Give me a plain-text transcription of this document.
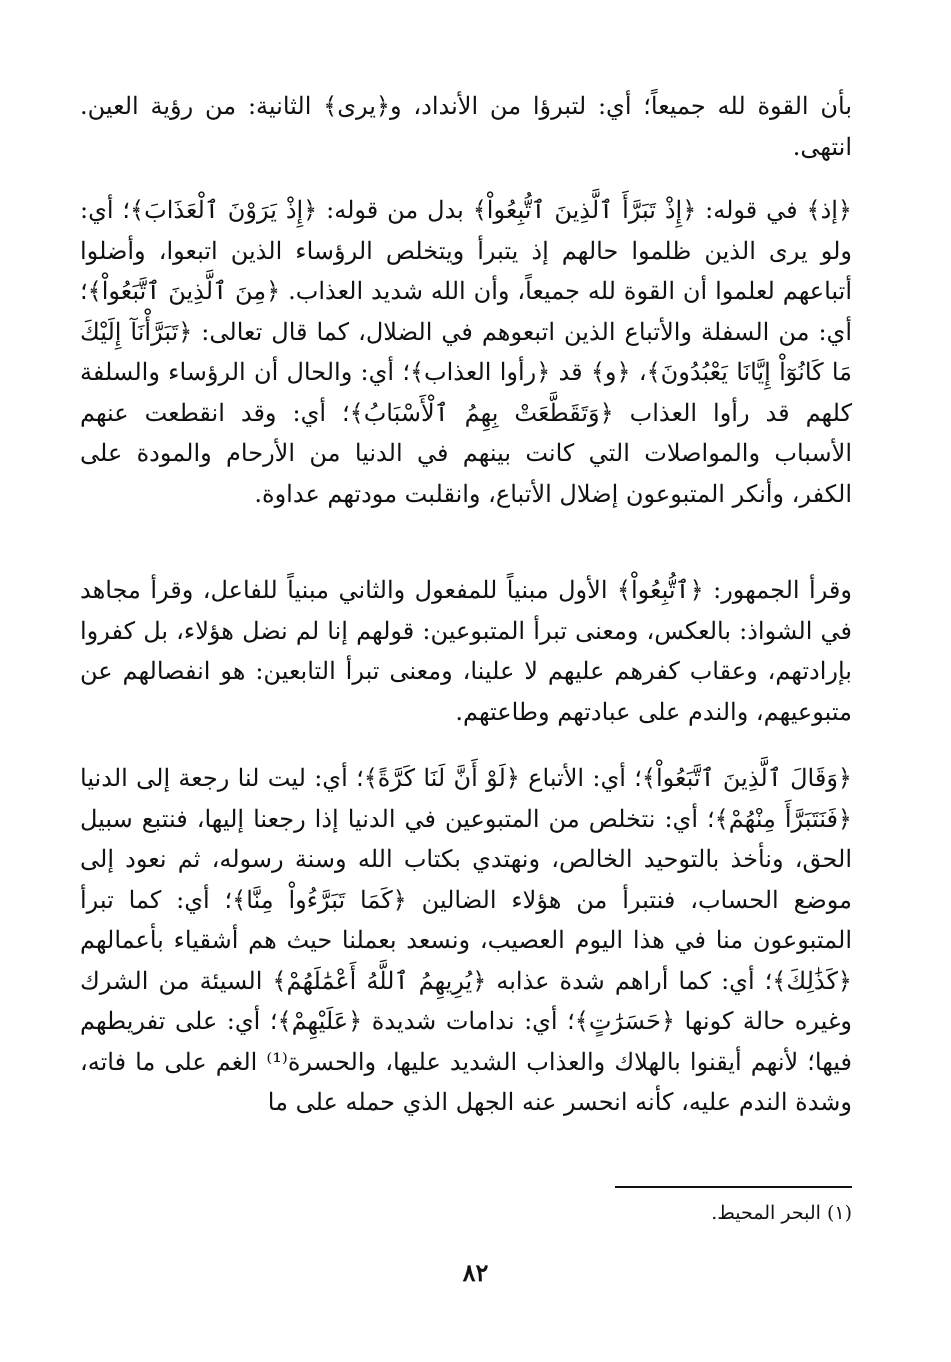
بأن القوة لله جميعاً؛ أي: لتبرؤا من الأنداد، و﴿يرى﴾ الثانية: من رؤية العين. انتهى.

﴿إذ﴾ في قوله: ﴿إِذْ تَبَرَّأَ ٱلَّذِينَ ٱتُّبِعُواْ﴾ بدل من قوله: ﴿إِذْ يَرَوْنَ ٱلْعَذَابَ﴾؛ أي: ولو يرى الذين ظلموا حالهم إذ يتبرأ ويتخلص الرؤساء الذين اتبعوا، وأضلوا أتباعهم لعلموا أن القوة لله جميعاً، وأن الله شديد العذاب. ﴿مِنَ ٱلَّذِينَ ٱتَّبَعُواْ﴾؛ أي: من السفلة والأتباع الذين اتبعوهم في الضلال، كما قال تعالى: ﴿تَبَرَّأْنَآ إِلَيْكَ مَا كَانُوٓاْ إِيَّانَا يَعْبُدُونَ﴾، ﴿و﴾ قد ﴿رأوا العذاب﴾؛ أي: والحال أن الرؤساء والسلفة كلهم قد رأوا العذاب ﴿وَتَقَطَّعَتْ بِهِمُ ٱلْأَسْبَابُ﴾؛ أي: وقد انقطعت عنهم الأسباب والمواصلات التي كانت بينهم في الدنيا من الأرحام والمودة على الكفر، وأنكر المتبوعون إضلال الأتباع، وانقلبت مودتهم عداوة.

وقرأ الجمهور: ﴿ٱتُّبِعُواْ﴾ الأول مبنياً للمفعول والثاني مبنياً للفاعل، وقرأ مجاهد في الشواذ: بالعكس، ومعنى تبرأ المتبوعين: قولهم إنا لم نضل هؤلاء، بل كفروا بإرادتهم، وعقاب كفرهم عليهم لا علينا، ومعنى تبرأ التابعين: هو انفصالهم عن متبوعيهم، والندم على عبادتهم وطاعتهم.

﴿وَقَالَ ٱلَّذِينَ ٱتَّبَعُواْ﴾؛ أي: الأتباع ﴿لَوْ أَنَّ لَنَا كَرَّةً﴾؛ أي: ليت لنا رجعة إلى الدنيا ﴿فَنَتَبَرَّأَ مِنْهُمْ﴾؛ أي: نتخلص من المتبوعين في الدنيا إذا رجعنا إليها، فنتبع سبيل الحق، ونأخذ بالتوحيد الخالص، ونهتدي بكتاب الله وسنة رسوله، ثم نعود إلى موضع الحساب، فنتبرأ من هؤلاء الضالين ﴿كَمَا تَبَرَّءُواْ مِنَّا﴾؛ أي: كما تبرأ المتبوعون منا في هذا اليوم العصيب، ونسعد بعملنا حيث هم أشقياء بأعمالهم ﴿كَذَٰلِكَ﴾؛ أي: كما أراهم شدة عذابه ﴿يُرِيهِمُ ٱللَّهُ أَعْمَٰلَهُمْ﴾ السيئة من الشرك وغيره حالة كونها ﴿حَسَرَٰتٍ﴾؛ أي: ندامات شديدة ﴿عَلَيْهِمْ﴾؛ أي: على تفريطهم فيها؛ لأنهم أيقنوا بالهلاك والعذاب الشديد عليها، والحسرة⁽¹⁾ الغم على ما فاته، وشدة الندم عليه، كأنه انحسر عنه الجهل الذي حمله على ما

(١) البحر المحيط.

٨٢
